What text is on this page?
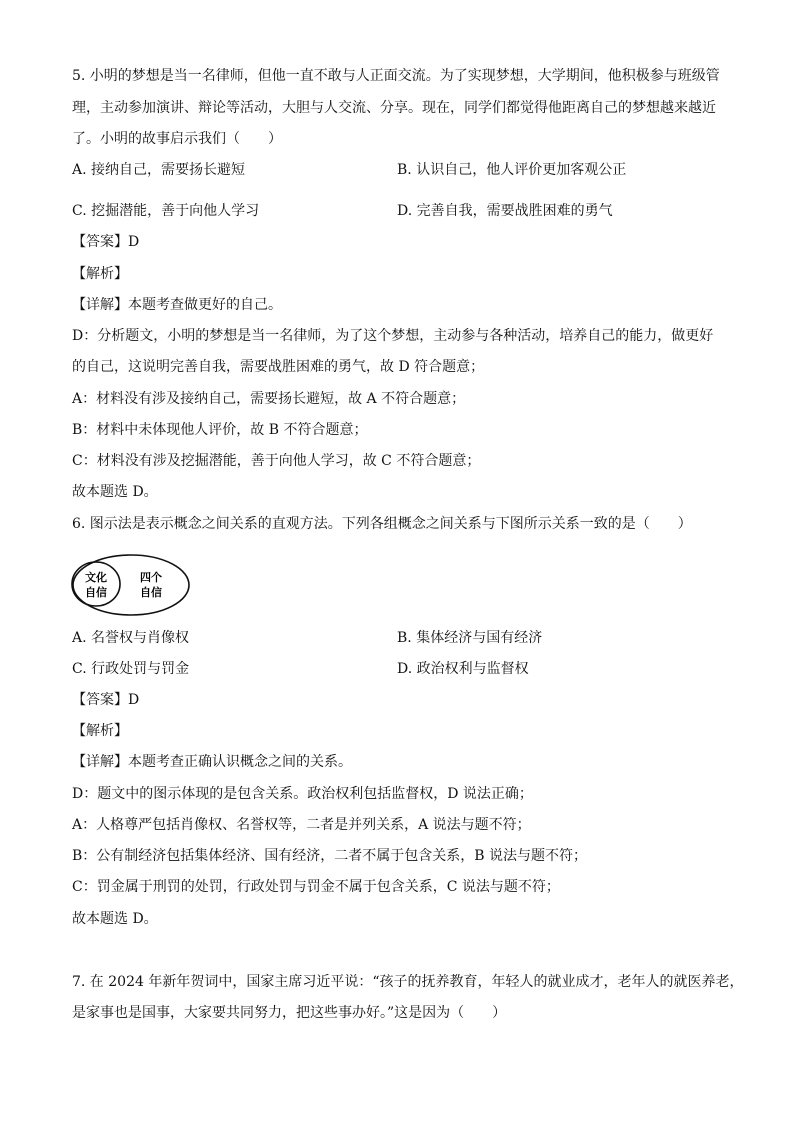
5. 小明的梦想是当一名律师，但他一直不敢与人正面交流。为了实现梦想，大学期间，他积极参与班级管
理，主动参加演讲、辩论等活动，大胆与人交流、分享。现在，同学们都觉得他距离自己的梦想越来越近
了。小明的故事启示我们（　　）
A. 接纳自己，需要扬长避短	B. 认识自己，他人评价更加客观公正
C. 挖掘潜能，善于向他人学习	D. 完善自我，需要战胜困难的勇气
【答案】D
【解析】
【详解】本题考查做更好的自己。
D：分析题文，小明的梦想是当一名律师，为了这个梦想，主动参与各种活动，培养自己的能力，做更好
的自己，这说明完善自我，需要战胜困难的勇气，故 D 符合题意；
A：材料没有涉及接纳自己，需要扬长避短，故 A 不符合题意；
B：材料中未体现他人评价，故 B 不符合题意；
C：材料没有涉及挖掘潜能，善于向他人学习，故 C 不符合题意；
故本题选 D。
6. 图示法是表示概念之间关系的直观方法。下列各组概念之间关系与下图所示关系一致的是（　　）
文化
自信
四个
自信
A. 名誉权与肖像权	B. 集体经济与国有经济
C. 行政处罚与罚金	D. 政治权利与监督权
【答案】D
【解析】
【详解】本题考查正确认识概念之间的关系。
D：题文中的图示体现的是包含关系。政治权利包括监督权，D 说法正确；
A：人格尊严包括肖像权、名誉权等，二者是并列关系，A 说法与题不符；
B：公有制经济包括集体经济、国有经济，二者不属于包含关系，B 说法与题不符；
C：罚金属于刑罚的处罚，行政处罚与罚金不属于包含关系，C 说法与题不符；
故本题选 D。
7. 在 2024 年新年贺词中，国家主席习近平说：“孩子的抚养教育，年轻人的就业成才，老年人的就医养老，
是家事也是国事，大家要共同努力，把这些事办好。”这是因为（　　）
